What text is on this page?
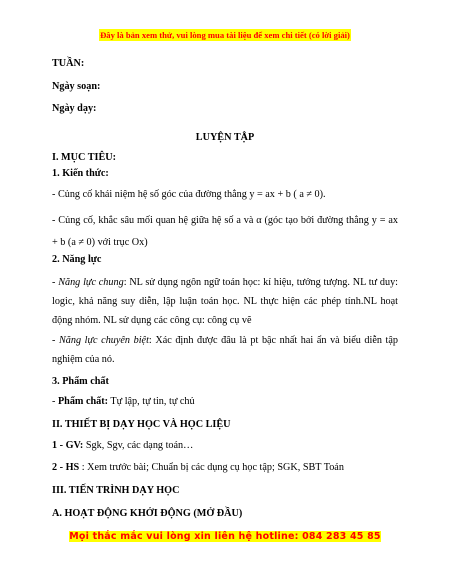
Đây là bản xem thử, vui lòng mua tài liệu để xem chi tiết (có lời giải)
TUẦN:
Ngày soạn:
Ngày dạy:
LUYỆN TẬP
I. MỤC TIÊU:
1. Kiến thức:
- Củng cố khái niệm hệ số góc của đường thẳng y = ax + b ( a ≠ 0).
- Củng cố, khắc sâu mối quan hệ giữa hệ số a và α (góc tạo bởi đường thẳng y = ax + b (a ≠ 0) với trục Ox)
2. Năng lực
- Năng lực chung: NL sử dụng ngôn ngữ toán học: kí hiệu, tưởng tượng. NL tư duy: logic, khả năng suy diễn, lập luận toán học. NL thực hiện các phép tính.NL hoạt động nhóm. NL sử dụng các công cụ: công cụ vẽ
- Năng lực chuyên biệt: Xác định được đâu là pt bậc nhất hai ẩn và biểu diễn tập nghiệm của nó.
3. Phẩm chất
- Phẩm chất: Tự lập, tự tin, tự chủ
II. THIẾT BỊ DẠY HỌC VÀ HỌC LIỆU
1 - GV: Sgk, Sgv, các dạng toán…
2 - HS : Xem trước bài; Chuẩn bị các dụng cụ học tập; SGK, SBT Toán
III. TIẾN TRÌNH DẠY HỌC
A. HOẠT ĐỘNG KHỞI ĐỘNG (MỞ ĐẦU)
Mọi thắc mắc vui lòng xin liên hệ hotline: 084 283 45 85
